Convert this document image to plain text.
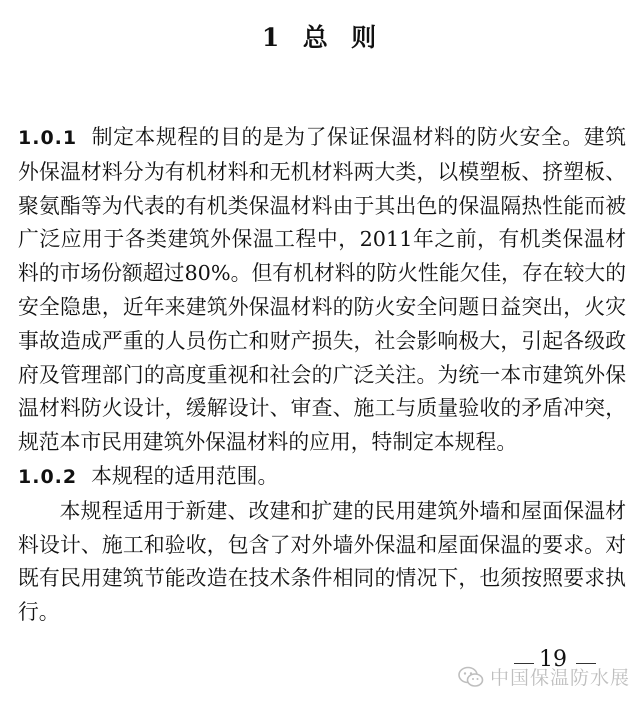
1  总  则

1.0.1 制定本规程的目的是为了保证保温材料的防火安全。建筑外保温材料分为有机材料和无机材料两大类，以模塑板、挤塑板、聚氨酯等为代表的有机类保温材料由于其出色的保温隔热性能而被广泛应用于各类建筑外保温工程中，2011年之前，有机类保温材料的市场份额超过80%。但有机材料的防火性能欠佳，存在较大的安全隐患，近年来建筑外保温材料的防火安全问题日益突出，火灾事故造成严重的人员伤亡和财产损失，社会影响极大，引起各级政府及管理部门的高度重视和社会的广泛关注。为统一本市建筑外保温材料防火设计，缓解设计、审查、施工与质量验收的矛盾冲突，规范本市民用建筑外保温材料的应用，特制定本规程。

1.0.2 本规程的适用范围。

本规程适用于新建、改建和扩建的民用建筑外墙和屋面保温材料设计、施工和验收，包含了对外墙外保温和屋面保温的要求。对既有民用建筑节能改造在技术条件相同的情况下，也须按照要求执行。

19
中国保温防水展
